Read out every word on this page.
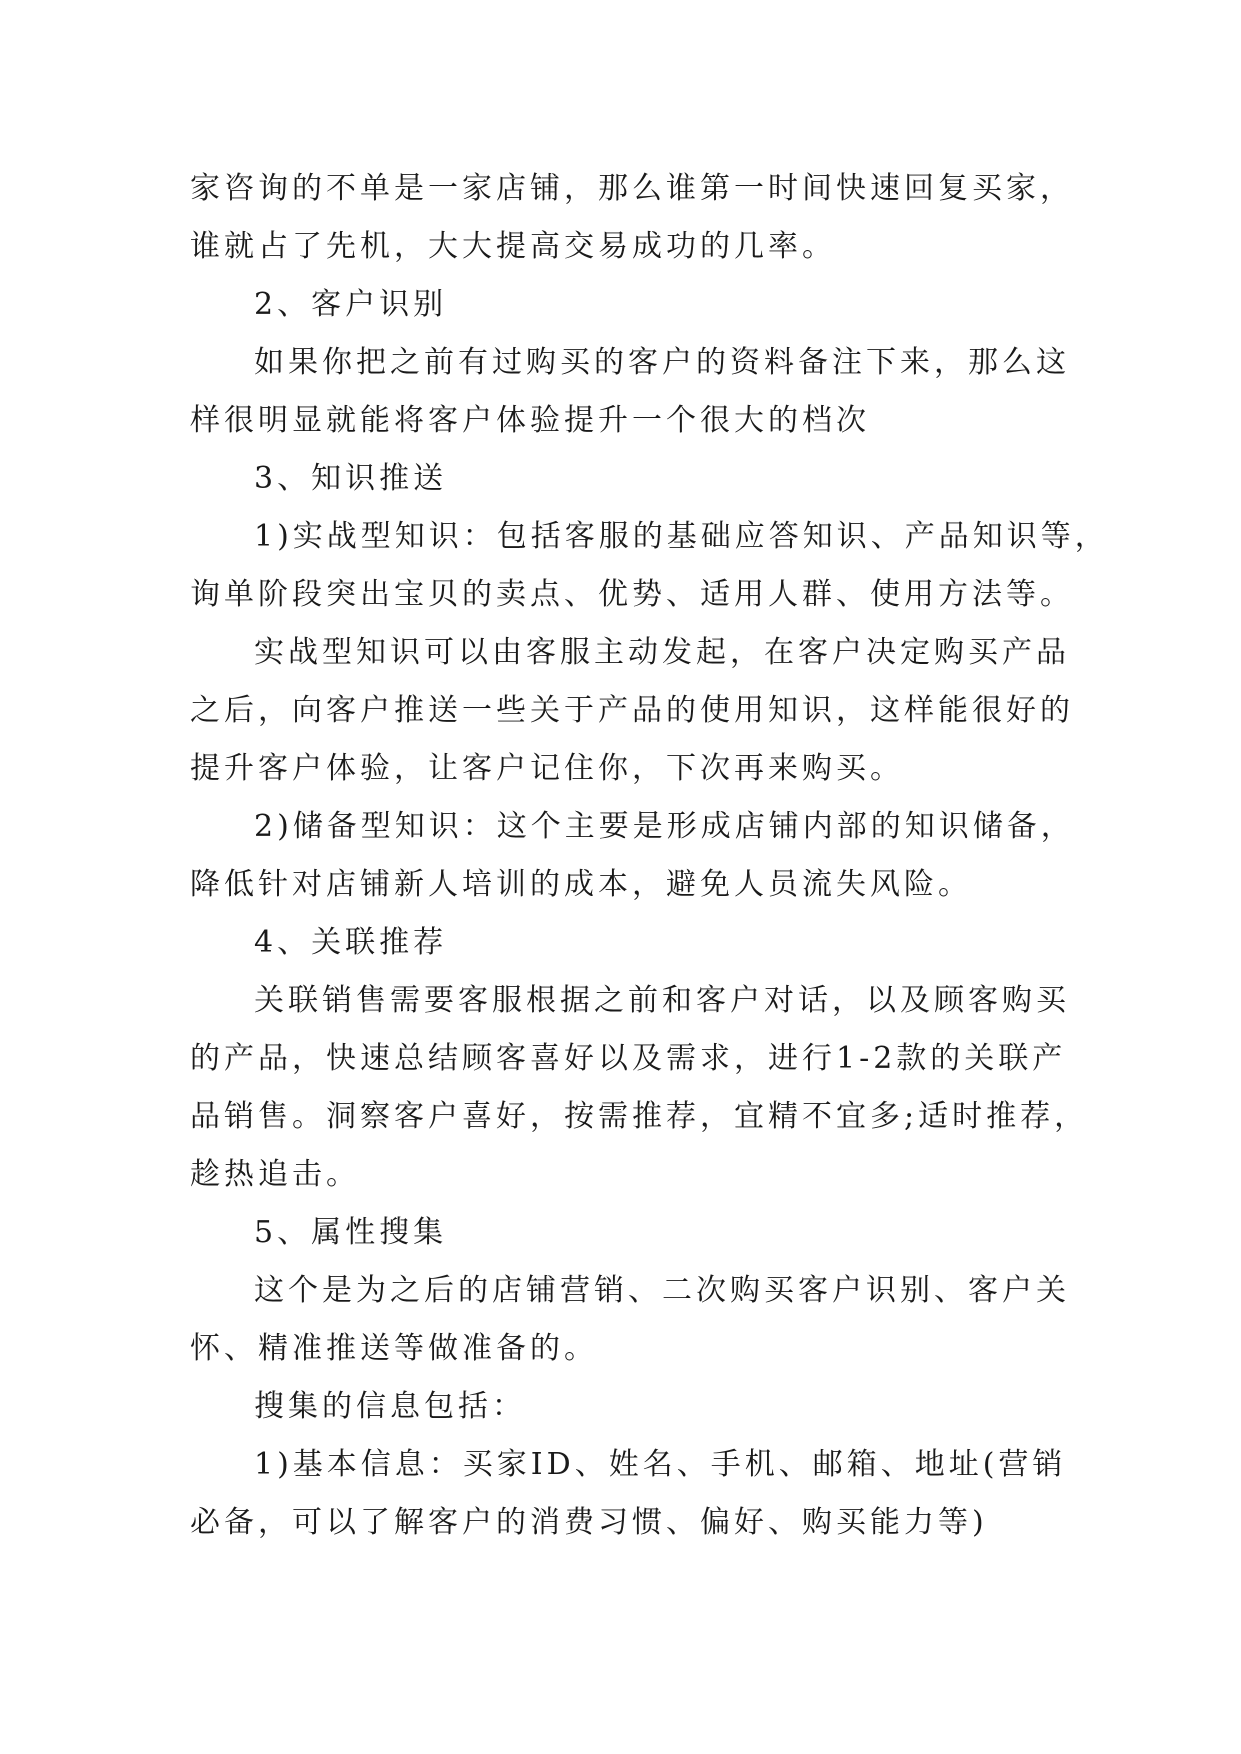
家咨询的不单是一家店铺，那么谁第一时间快速回复买家，
谁就占了先机，大大提高交易成功的几率。

2、客户识别

如果你把之前有过购买的客户的资料备注下来，那么这
样很明显就能将客户体验提升一个很大的档次

3、知识推送

1)实战型知识：包括客服的基础应答知识、产品知识等，
询单阶段突出宝贝的卖点、优势、适用人群、使用方法等。

实战型知识可以由客服主动发起，在客户决定购买产品
之后，向客户推送一些关于产品的使用知识，这样能很好的
提升客户体验，让客户记住你，下次再来购买。

2)储备型知识：这个主要是形成店铺内部的知识储备，
降低针对店铺新人培训的成本，避免人员流失风险。

4、关联推荐

关联销售需要客服根据之前和客户对话，以及顾客购买
的产品，快速总结顾客喜好以及需求，进行1-2款的关联产
品销售。洞察客户喜好，按需推荐，宜精不宜多;适时推荐，
趁热追击。

5、属性搜集

这个是为之后的店铺营销、二次购买客户识别、客户关
怀、精准推送等做准备的。

搜集的信息包括：

1)基本信息：买家ID、姓名、手机、邮箱、地址(营销
必备，可以了解客户的消费习惯、偏好、购买能力等)
